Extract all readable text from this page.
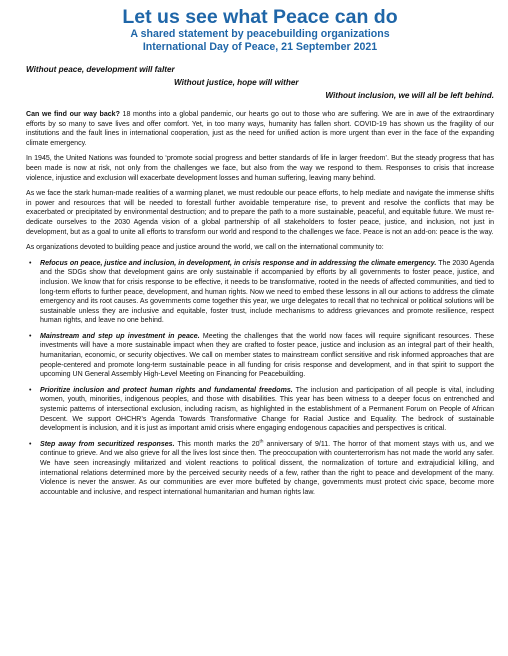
Let us see what Peace can do
A shared statement by peacebuilding organizations
International Day of Peace, 21 September 2021
Without peace, development will falter
Without justice, hope will wither
Without inclusion, we will all be left behind.

Can we find our way back? 18 months into a global pandemic, our hearts go out to those who are suffering. We are in awe of the extraordinary efforts by so many to save lives and offer comfort. Yet, in too many ways, humanity has fallen short. COVID-19 has shown us the fragility of our institutions and the fault lines in international cooperation, just as the need for unified action is more urgent than ever in the face of the expanding climate emergency.

In 1945, the United Nations was founded to ‘promote social progress and better standards of life in larger freedom’. But the steady progress that has been made is now at risk, not only from the challenges we face, but also from the way we respond to them. Responses to crisis that increase violence, injustice and exclusion will exacerbate development losses and human suffering, leaving many behind.

As we face the stark human-made realities of a warming planet, we must redouble our peace efforts, to help mediate and navigate the immense shifts in power and resources that will be needed to forestall further avoidable temperature rise, to prevent and resolve the conflicts that may be exacerbated or precipitated by environmental destruction; and to prepare the path to a more sustainable, peaceful, and equitable future. We must re-dedicate ourselves to the 2030 Agenda vision of a global partnership of all stakeholders to foster peace, justice, and inclusion, not just in development, but as a goal to unite all efforts to transform our world and respond to the challenges we face. Peace is not an add-on: peace is the way.

As organizations devoted to building peace and justice around the world, we call on the international community to:

• Refocus on peace, justice and inclusion, in development, in crisis response and in addressing the climate emergency. The 2030 Agenda and the SDGs show that development gains are only sustainable if accompanied by efforts by all governments to foster peace, justice, and inclusion. We know that for crisis response to be effective, it needs to be transformative, rooted in the needs of affected communities, and tied to long-term efforts to further peace, development, and human rights. Now we need to embed these lessons in all our actions to address the climate emergency and its root causes. As governments come together this year, we urge delegates to recall that no technical or political solutions will be sustainable unless they are inclusive and equitable, foster trust, include mechanisms to address grievances and promote resilience, respect human rights, and leave no one behind.
• Mainstream and step up investment in peace. Meeting the challenges that the world now faces will require significant resources. These investments will have a more sustainable impact when they are crafted to foster peace, justice and inclusion as an integral part of their health, humanitarian, economic, or security objectives. We call on member states to mainstream conflict sensitive and risk informed approaches that are people-centered and promote long-term sustainable peace in all funding for crisis response and development, and in that spirit to support the upcoming UN General Assembly High-Level Meeting on Financing for Peacebuilding.
• Prioritize inclusion and protect human rights and fundamental freedoms. The inclusion and participation of all people is vital, including women, youth, minorities, indigenous peoples, and those with disabilities. This year has been witness to a deeper focus on entrenched and systemic patterns of intersectional exclusion, including racism, as highlighted in the establishment of a Permanent Forum on People of African Descent. We support OHCHR’s Agenda Towards Transformative Change for Racial Justice and Equality. The bedrock of sustainable development is inclusion, and it is just as important amid crisis where engaging endogenous capacities and perspectives is critical.
• Step away from securitized responses. This month marks the 20th anniversary of 9/11. The horror of that moment stays with us, and we continue to grieve. And we also grieve for all the lives lost since then. The preoccupation with counterterrorism has not made the world any safer. We have seen increasingly militarized and violent reactions to political dissent, the normalization of torture and extrajudicial killing, and international relations determined more by the perceived security needs of a few, rather than the right to peace and development of the many. Violence is never the answer. As our communities are ever more buffeted by change, governments must protect civic space, become more accountable and inclusive, and respect international humanitarian and human rights law.
